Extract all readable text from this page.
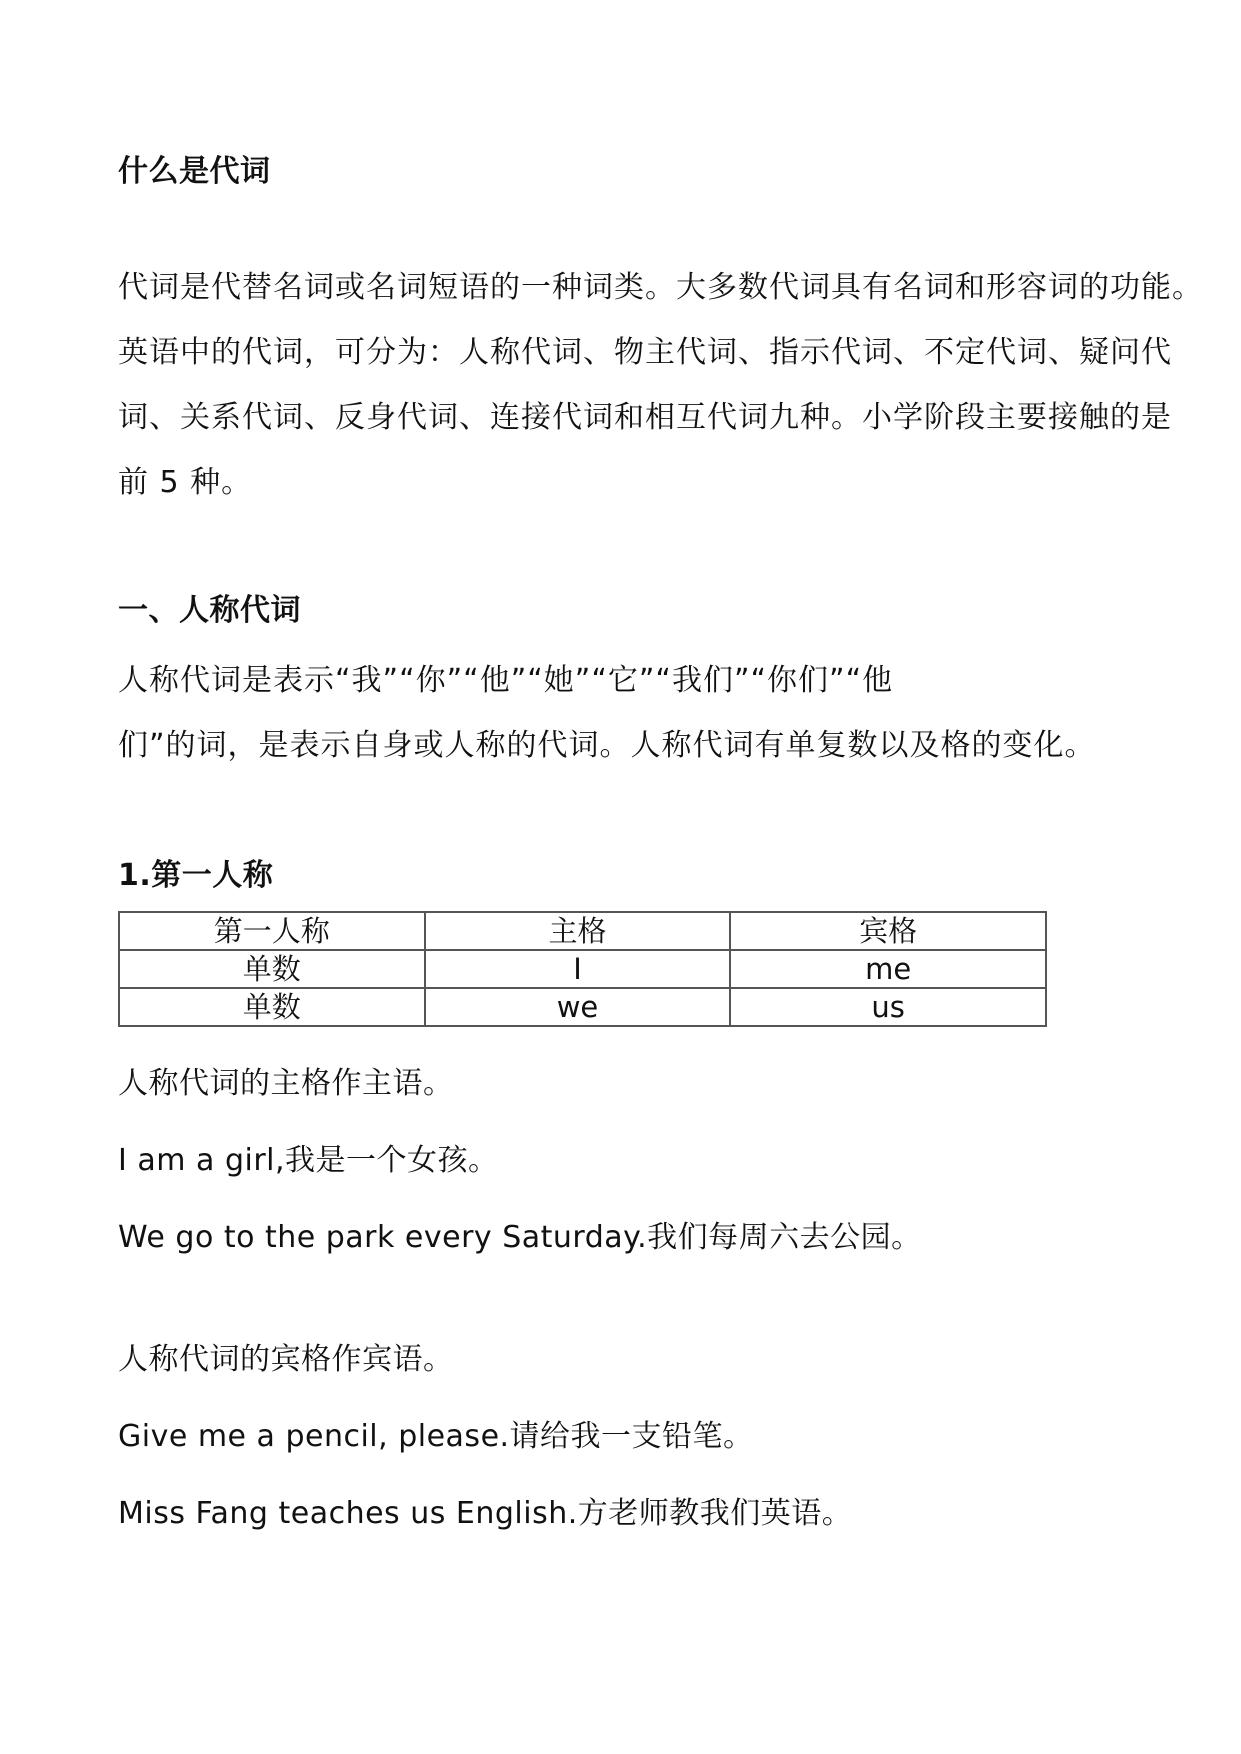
什么是代词
代词是代替名词或名词短语的一种词类。大多数代词具有名词和形容词的功能。
英语中的代词，可分为：人称代词、物主代词、指示代词、不定代词、疑问代
词、关系代词、反身代词、连接代词和相互代词九种。小学阶段主要接触的是
前 5 种。
一、人称代词
人称代词是表示“我”“你”“他”“她”“它”“我们”“你们”“他
们”的词，是表示自身或人称的代词。人称代词有单复数以及格的变化。
1.第一人称
第一人称	主格	宾格
单数	I	me
单数	we	us
人称代词的主格作主语。
I am a girl,我是一个女孩。
We go to the park every Saturday.我们每周六去公园。
人称代词的宾格作宾语。
Give me a pencil, please.请给我一支铅笔。
Miss Fang teaches us English.方老师教我们英语。
